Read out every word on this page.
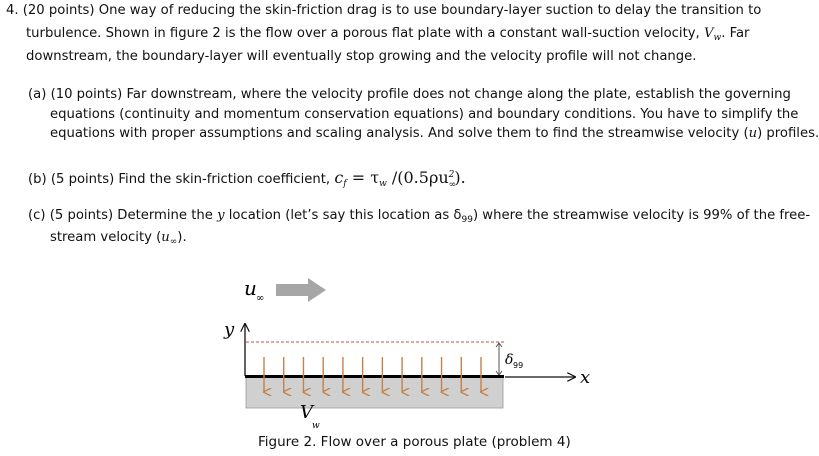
4. (20 points) One way of reducing the skin-friction drag is to use boundary-layer suction to delay the transition to
turbulence. Shown in figure 2 is the flow over a porous flat plate with a constant wall-suction velocity, $V_w$. Far
downstream, the boundary-layer will eventually stop growing and the velocity profile will not change.
(a) (10 points) Far downstream, where the velocity profile does not change along the plate, establish the governing
equations (continuity and momentum conservation equations) and boundary conditions. You have to simplify the
equations with proper assumptions and scaling analysis. And solve them to find the streamwise velocity (u) profiles.
(b) (5 points) Find the skin-friction coefficient, $c_f = \tau_w$ $/(0.5\rho u^2$
∞
).
(c) (5 points) Determine the y location (let’s say this location as $\delta_{99}$) where the streamwise velocity is 99% of the free-
stream velocity $(u_\infty)$.
u ∞
y
δ 99
x
V
w
Figure 2. Flow over a porous plate (problem 4)
